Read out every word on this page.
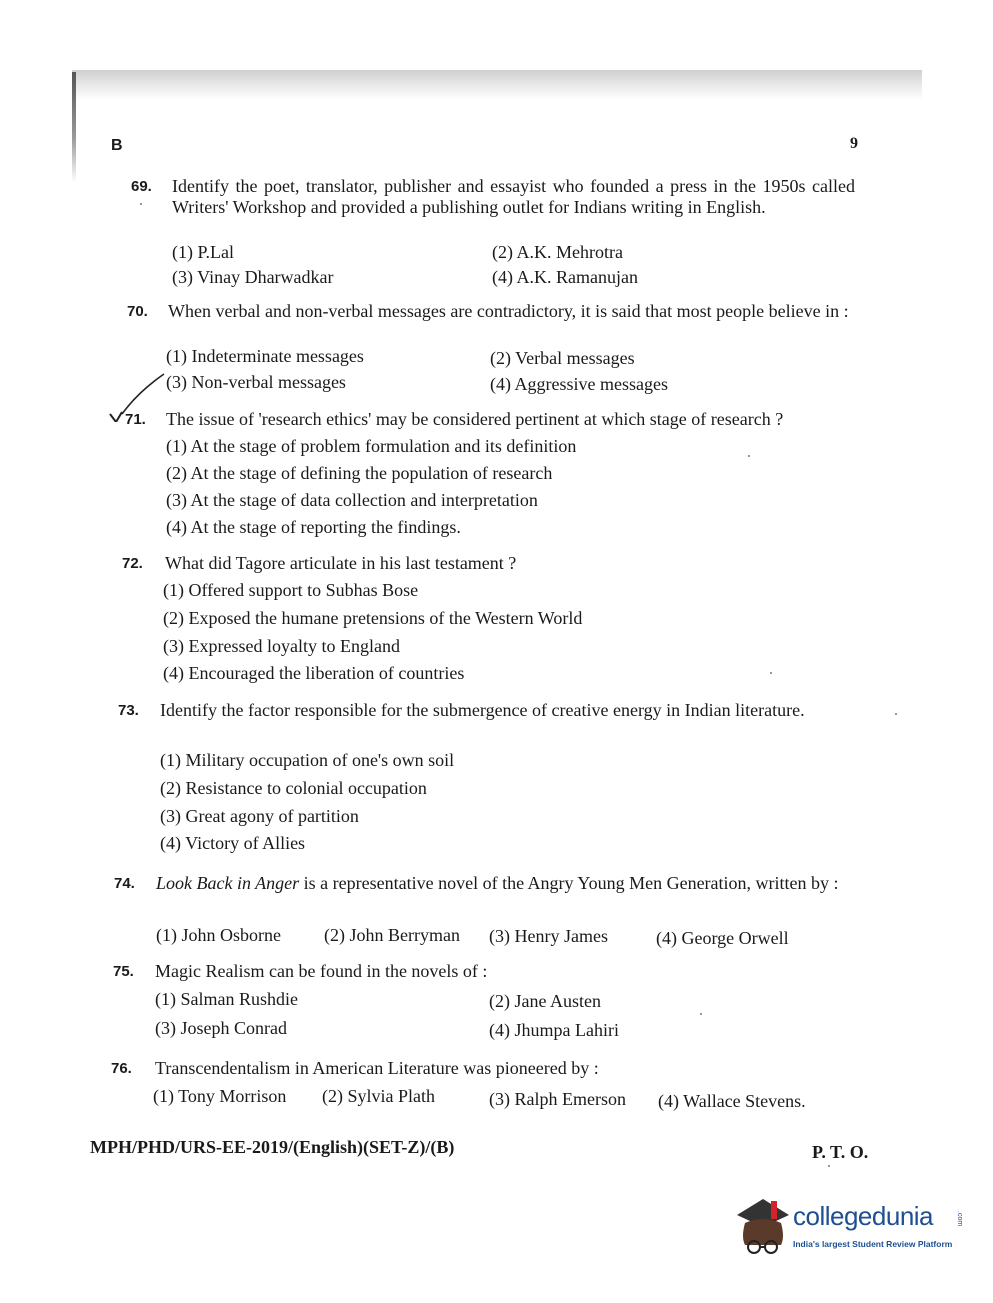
B	9
69. Identify the poet, translator, publisher and essayist who founded a press in the 1950s called Writers' Workshop and provided a publishing outlet for Indians writing in English.
(1) P.Lal	(2) A.K. Mehrotra
(3) Vinay Dharwadkar	(4) A.K. Ramanujan
70. When verbal and non-verbal messages are contradictory, it is said that most people believe in :
(1) Indeterminate messages	(2) Verbal messages
(3) Non-verbal messages	(4) Aggressive messages
71. The issue of 'research ethics' may be considered pertinent at which stage of research ?
(1) At the stage of problem formulation and its definition
(2) At the stage of defining the population of research
(3) At the stage of data collection and interpretation
(4) At the stage of reporting the findings.
72. What did Tagore articulate in his last testament ?
(1) Offered support to Subhas Bose
(2) Exposed the humane pretensions of the Western World
(3) Expressed loyalty to England
(4) Encouraged the liberation of countries
73. Identify the factor responsible for the submergence of creative energy in Indian literature.
(1) Military occupation of one's own soil
(2) Resistance to colonial occupation
(3) Great agony of partition
(4) Victory of Allies
74. Look Back in Anger is a representative novel of the Angry Young Men Generation, written by :
(1) John Osborne (2) John Berryman (3) Henry James	(4) George Orwell
75. Magic Realism can be found in the novels of :
(1) Salman Rushdie	(2) Jane Austen
(3) Joseph Conrad	(4) Jhumpa Lahiri
76. Transcendentalism in American Literature was pioneered by :
(1) Tony Morrison (2) Sylvia Plath	(3) Ralph Emerson (4) Wallace Stevens.
MPH/PHD/URS-EE-2019/(English)(SET-Z)/(B)	P. T. O.
collegedunia	.com
India's largest Student Review Platform
